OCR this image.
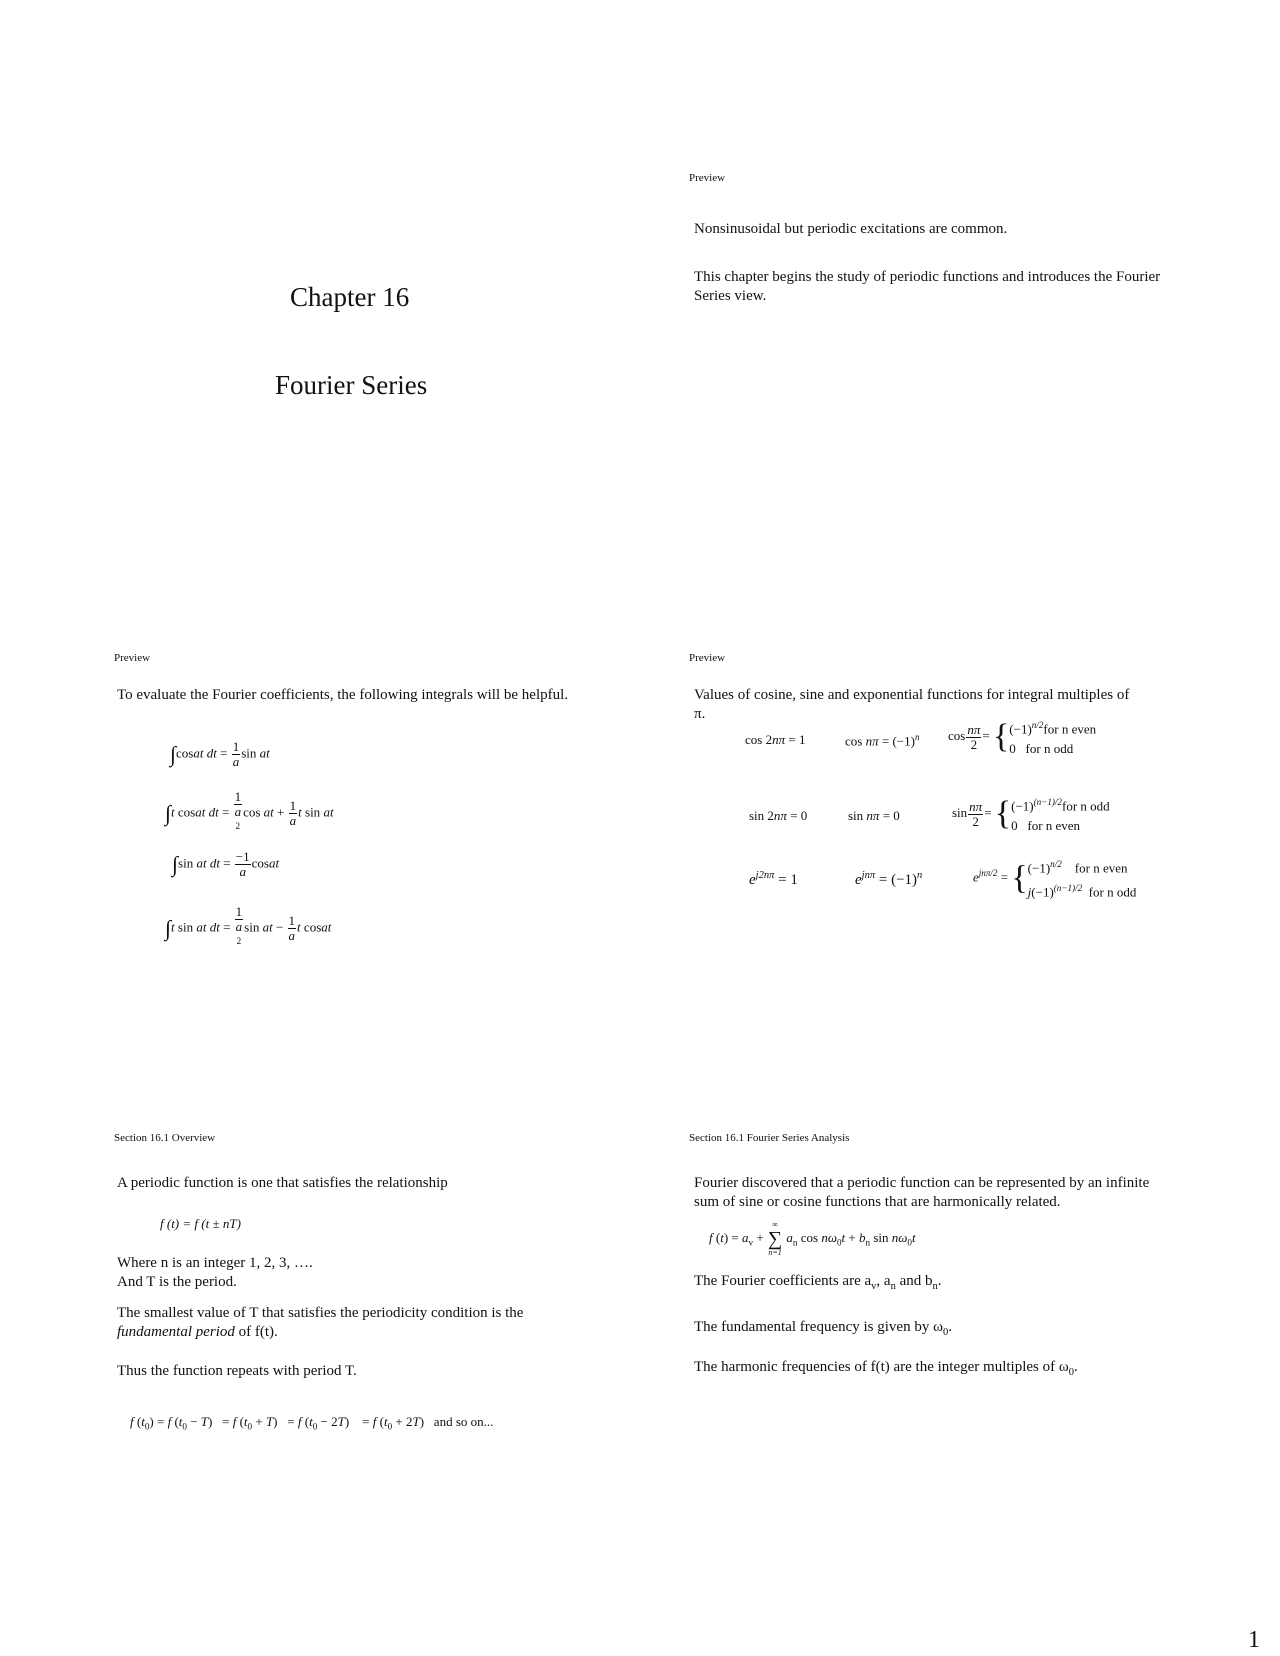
Chapter 16
Fourier Series
Preview
Nonsinusoidal but periodic excitations are common.
This chapter begins the study of periodic functions and introduces the Fourier Series view.
Preview
To evaluate the Fourier coefficients, the following integrals will be helpful.
∫cosat dt = $\frac{1}{a}$ sin at
∫t cosat dt =
1
a
$^2$cos at + $\frac{1}{a}$ t sin at
∫sin at dt = $\frac{-1}{a}$ cosat
∫t sin at dt =
1
a
$^2$sin at − $\frac{1}{a}$ t cosat
Preview
Values of cosine, sine and exponential functions for integral multiples of π.
cos 2nπ = 1	$\cos n\pi = (-1)^n$ $\cos \frac{n\pi}{2}$ = { $(-1)^{n/2}for$ n even
0   for n odd
sin 2nπ = 0	sin nπ = 0	$\sin \frac{n\pi}{2}$ = { $(-1)^{(n-1)/2}for$ n odd
0   for n even
$e^{j2n\pi} = 1$	$e^{jn\pi} = (-1)^n$	$e^{jn\pi/2}$ = { $(-1)^{n/2}$ for n even
$j(-1)^{(n-1)/2}$ for n odd
Section 16.1 Overview
A periodic function is one that satisfies the relationship
f (t) = f (t ± nT)
Where n is an integer 1, 2, 3, ….
And T is the period.
The smallest value of T that satisfies the periodicity condition is the
fundamental period of f(t).
Thus the function repeats with period T.
f $(t_0) = f$ $(t_0 - T) = f$ $(t_0 + T) = f$ $(t_0 - 2T)$    = f $(t_0 + 2T)$   and so on...
Section 16.1 Fourier Series Analysis
Fourier discovered that a periodic function can be represented by an infinite sum of sine or cosine functions that are harmonically related.
f $(t) = a_v$ +
∞
∑
n=1
$a_n$ $\cos n\omega_0t + b_n$ $\sin n\omega_0t$
The Fourier coefficients are $a_v$, $a_n$ and $b_n$.
The fundamental frequency is given by $\omega_0$.
The harmonic frequencies of f(t) are the integer multiples of $\omega_0$.
1
